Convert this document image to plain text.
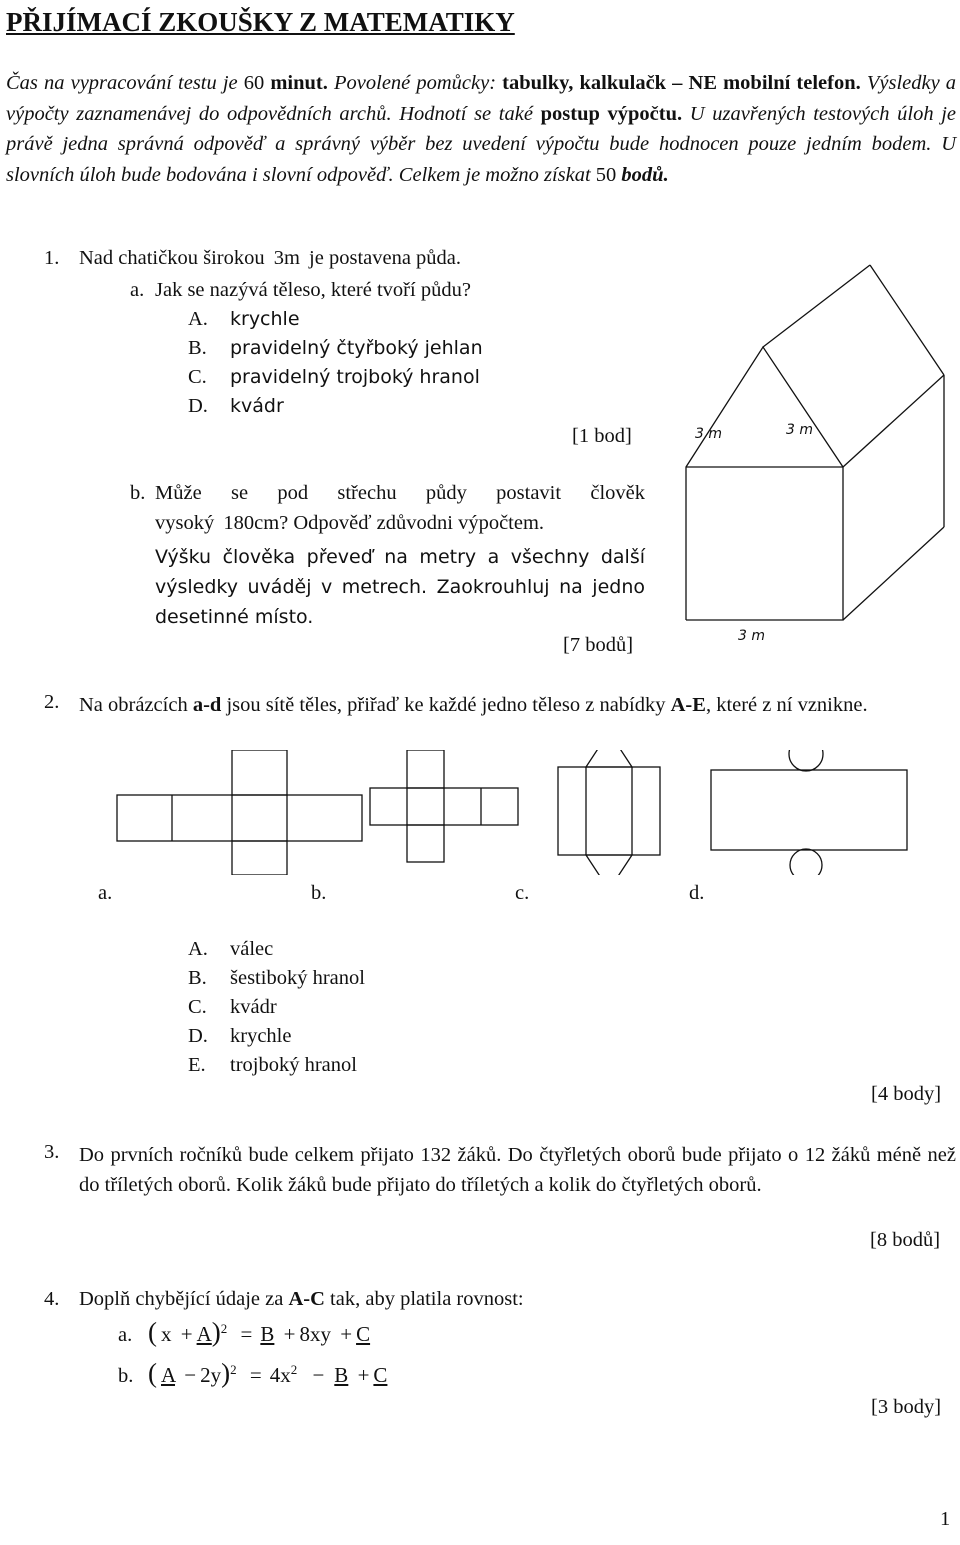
PŘIJÍMACÍ ZKOUŠKY Z MATEMATIKY
Čas na vypracování testu je 60 minut. Povolené pomůcky: tabulky, kalkulačk – NE mobilní telefon. Výsledky a výpočty zaznamenávej do odpovědních archů. Hodnotí se také postup výpočtu. U uzavřených testových úloh je právě jedna správná odpověď a správný výběr bez uvedení výpočtu bude hodnocen pouze jedním bodem. U slovních úloh bude bodována i slovní odpověď. Celkem je možno získat 50 bodů.
1. Nad chatičkou širokou 3m je postavena půda.
a. Jak se nazývá těleso, které tvoří půdu?
A. krychle
B. pravidelný čtyřboký jehlan
C. pravidelný trojboký hranol
D. kvádr
[1 bod]
b. Může se pod střechu půdy postavit člověk
vysoký 180cm? Odpověď zdůvodni výpočtem.
Výšku člověka převeď na metry a všechny další výsledky uváděj v metrech. Zaokrouhluj na jedno desetinné místo.
[7 bodů]
3 m	3 m
3 m
2. Na obrázcích a-d jsou sítě těles, přiřaď ke každé jedno těleso z nabídky A-E, které z ní vznikne.
a.	b.	c.	d.
A. válec
B. šestiboký hranol
C. kvádr
D. krychle
E. trojboký hranol
[4 body]
3. Do prvních ročníků bude celkem přijato 132 žáků. Do čtyřletých oborů bude přijato o 12 žáků méně než do tříletých oborů. Kolik žáků bude přijato do tříletých a kolik do čtyřletých oborů.
[8 bodů]
4. Doplň chybějící údaje za A-C tak, aby platila rovnost:
a. ( x + A)$^2$ = B + 8xy + C
b. ( $A - 2y)^2 = 4x^2 - B + C$
[3 body]
1
